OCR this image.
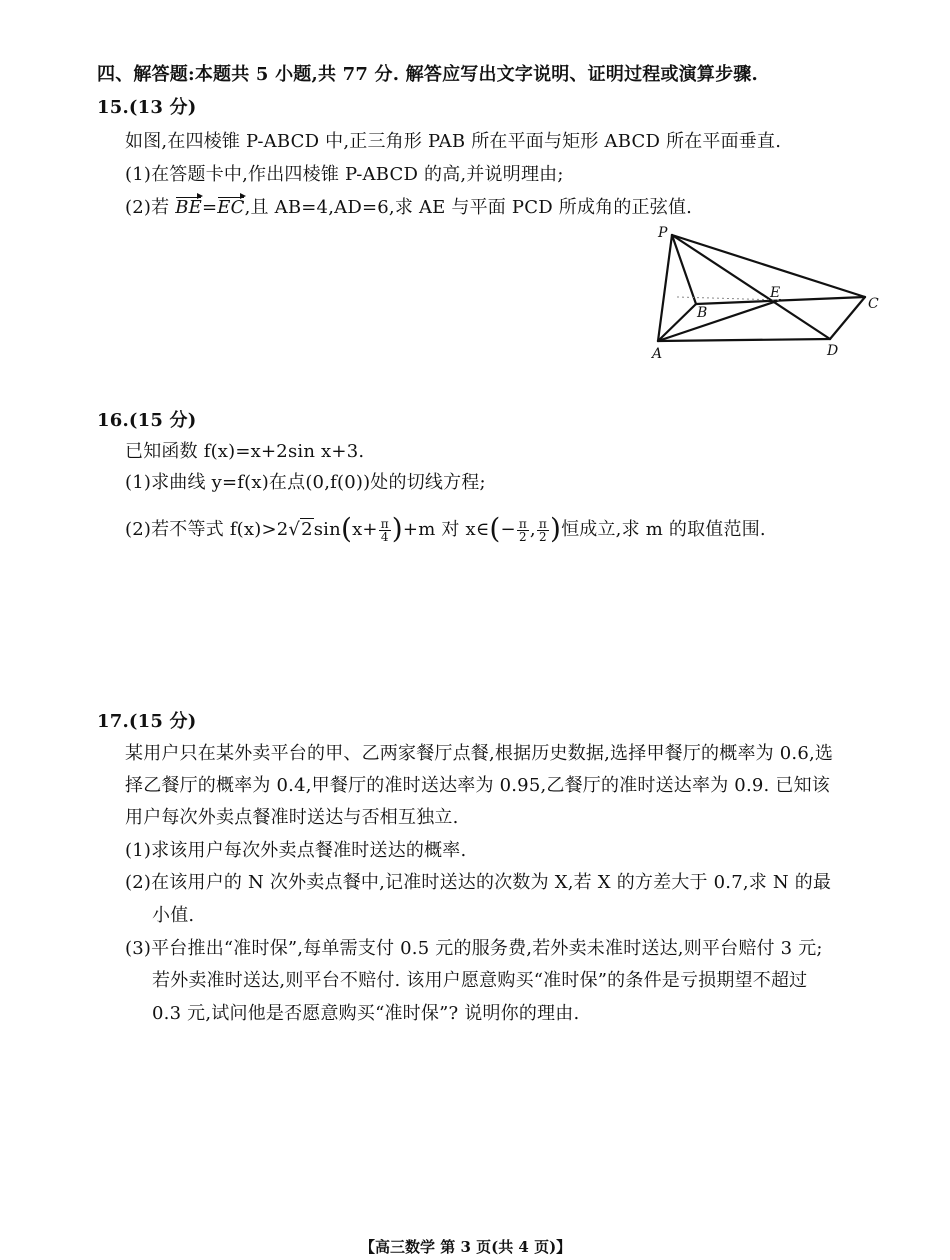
四、解答题:本题共 5 小题,共 77 分. 解答应写出文字说明、证明过程或演算步骤.
15.(13 分)
如图,在四棱锥 P-ABCD 中,正三角形 PAB 所在平面与矩形 ABCD 所在平面垂直.
(1)在答题卡中,作出四棱锥 P-ABCD 的高,并说明理由;
(2)若 BE=EC,且 AB=4,AD=6,求 AE 与平面 PCD 所成角的正弦值.
P
A
B
C
D
E
16.(15 分)
已知函数 f(x)=x+2sin x+3.
(1)求曲线 y=f(x)在点(0,f(0))处的切线方程;
(2)若不等式 $f(x)>2√2\sin(x+ \frac{\pi}{4} )+m$ 对 x∈(− $\frac{\pi}{2}$ , $\frac{\pi}{2}$ )恒成立,求 m 的取值范围.
17.(15 分)
某用户只在某外卖平台的甲、乙两家餐厅点餐,根据历史数据,选择甲餐厅的概率为 0.6,选
择乙餐厅的概率为 0.4,甲餐厅的准时送达率为 0.95,乙餐厅的准时送达率为 0.9. 已知该
用户每次外卖点餐准时送达与否相互独立.
(1)求该用户每次外卖点餐准时送达的概率.
(2)在该用户的 N 次外卖点餐中,记准时送达的次数为 X,若 X 的方差大于 0.7,求 N 的最
小值.
(3)平台推出“准时保”,每单需支付 0.5 元的服务费,若外卖未准时送达,则平台赔付 3 元;
若外卖准时送达,则平台不赔付. 该用户愿意购买“准时保”的条件是亏损期望不超过
0.3 元,试问他是否愿意购买“准时保”? 说明你的理由.
【高三数学 第 3 页(共 4 页)】
